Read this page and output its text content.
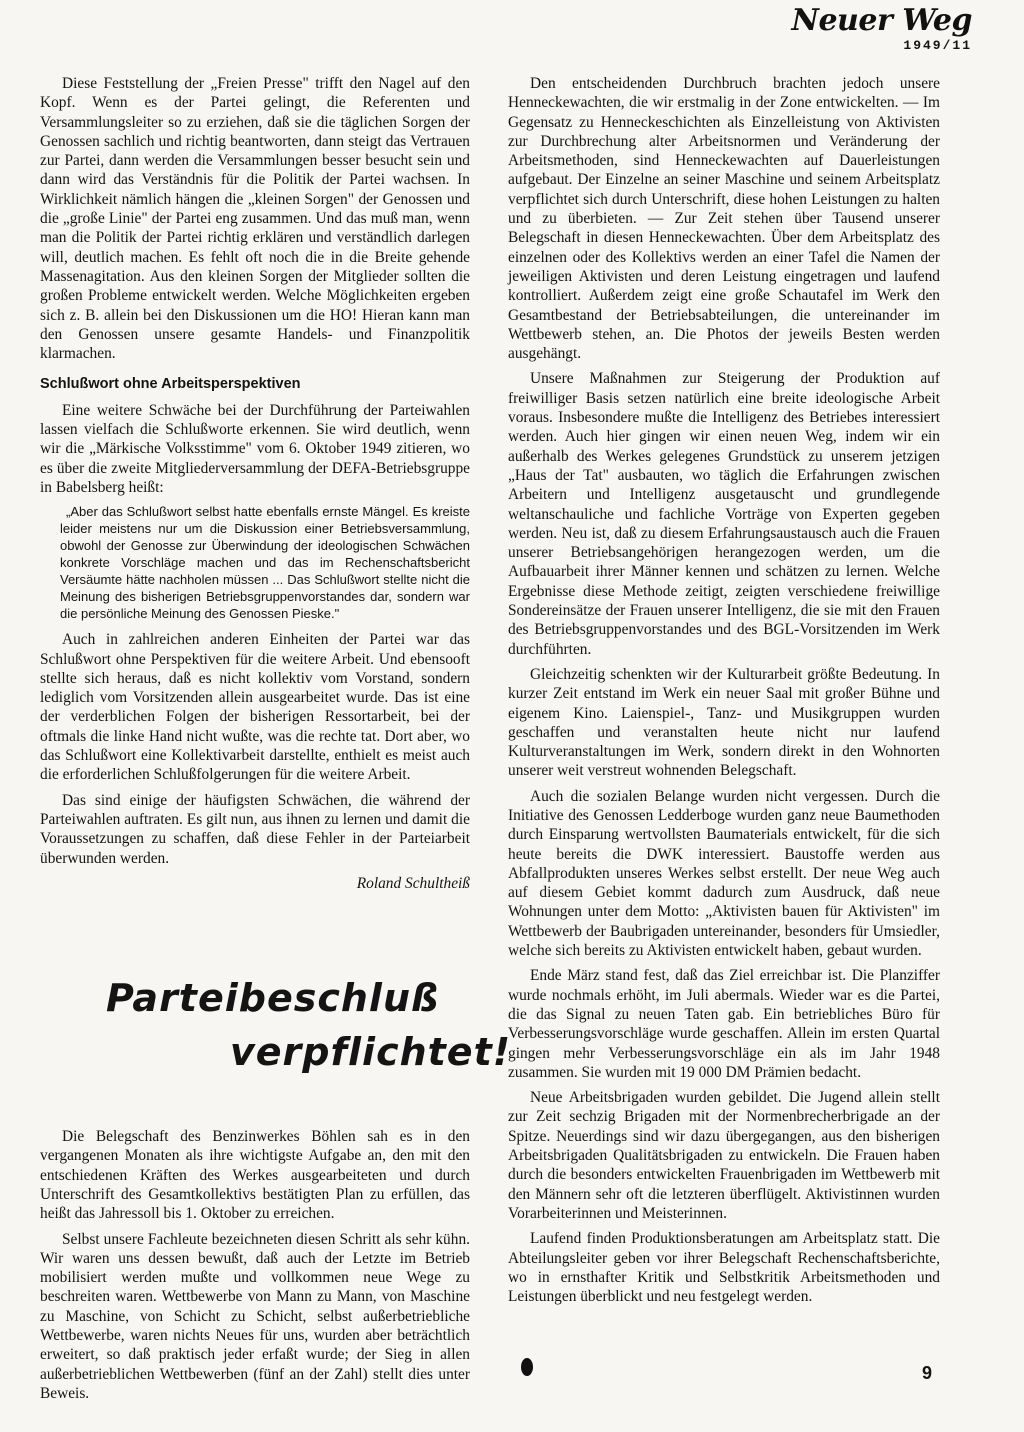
Neuer Weg
1949/11

Diese Feststellung der „Freien Presse" trifft den Nagel auf den Kopf. Wenn es der Partei gelingt, die Referenten und Versammlungsleiter so zu erziehen, daß sie die täglichen Sorgen der Genossen sachlich und richtig beantworten, dann steigt das Vertrauen zur Partei, dann werden die Versammlungen besser besucht sein und dann wird das Verständnis für die Politik der Partei wachsen. In Wirklichkeit nämlich hängen die „kleinen Sorgen" der Genossen und die „große Linie" der Partei eng zusammen. Und das muß man, wenn man die Politik der Partei richtig erklären und verständlich darlegen will, deutlich machen. Es fehlt oft noch die in die Breite gehende Massenagitation. Aus den kleinen Sorgen der Mitglieder sollten die großen Probleme entwickelt werden. Welche Möglichkeiten ergeben sich z. B. allein bei den Diskussionen um die HO! Hieran kann man den Genossen unsere gesamte Handels- und Finanzpolitik klarmachen.

Schlußwort ohne Arbeitsperspektiven

Eine weitere Schwäche bei der Durchführung der Parteiwahlen lassen vielfach die Schlußworte erkennen. Sie wird deutlich, wenn wir die „Märkische Volksstimme" vom 6. Oktober 1949 zitieren, wo es über die zweite Mitgliederversammlung der DEFA-Betriebsgruppe in Babelsberg heißt:

„Aber das Schlußwort selbst hatte ebenfalls ernste Mängel. Es kreiste leider meistens nur um die Diskussion einer Betriebsversammlung, obwohl der Genosse zur Überwindung der ideologischen Schwächen konkrete Vorschläge machen und das im Rechenschaftsbericht Versäumte hätte nachholen müssen ... Das Schlußwort stellte nicht die Meinung des bisherigen Betriebsgruppenvorstandes dar, sondern war die persönliche Meinung des Genossen Pieske."

Auch in zahlreichen anderen Einheiten der Partei war das Schlußwort ohne Perspektiven für die weitere Arbeit. Und ebensooft stellte sich heraus, daß es nicht kollektiv vom Vorstand, sondern lediglich vom Vorsitzenden allein ausgearbeitet wurde. Das ist eine der verderblichen Folgen der bisherigen Ressortarbeit, bei der oftmals die linke Hand nicht wußte, was die rechte tat. Dort aber, wo das Schlußwort eine Kollektivarbeit darstellte, enthielt es meist auch die erforderlichen Schlußfolgerungen für die weitere Arbeit.

Das sind einige der häufigsten Schwächen, die während der Parteiwahlen auftraten. Es gilt nun, aus ihnen zu lernen und damit die Voraussetzungen zu schaffen, daß diese Fehler in der Parteiarbeit überwunden werden.

Roland Schultheiß
Parteibeschluß
verpflichtet!

Die Belegschaft des Benzinwerkes Böhlen sah es in den vergangenen Monaten als ihre wichtigste Aufgabe an, den mit den entschiedenen Kräften des Werkes ausgearbeiteten und durch Unterschrift des Gesamtkollektivs bestätigten Plan zu erfüllen, das heißt das Jahressoll bis 1. Oktober zu erreichen.

Selbst unsere Fachleute bezeichneten diesen Schritt als sehr kühn. Wir waren uns dessen bewußt, daß auch der Letzte im Betrieb mobilisiert werden mußte und vollkommen neue Wege zu beschreiten waren. Wettbewerbe von Mann zu Mann, von Maschine zu Maschine, von Schicht zu Schicht, selbst außerbetriebliche Wettbewerbe, waren nichts Neues für uns, wurden aber beträchtlich erweitert, so daß praktisch jeder erfaßt wurde; der Sieg in allen außerbetrieblichen Wettbewerben (fünf an der Zahl) stellt dies unter Beweis.

Den entscheidenden Durchbruch brachten jedoch unsere Henneckewachten, die wir erstmalig in der Zone entwickelten. — Im Gegensatz zu Henneckeschichten als Einzelleistung von Aktivisten zur Durchbrechung alter Arbeitsnormen und Veränderung der Arbeitsmethoden, sind Henneckewachten auf Dauerleistungen aufgebaut. Der Einzelne an seiner Maschine und seinem Arbeitsplatz verpflichtet sich durch Unterschrift, diese hohen Leistungen zu halten und zu überbieten. — Zur Zeit stehen über Tausend unserer Belegschaft in diesen Henneckewachten. Über dem Arbeitsplatz des einzelnen oder des Kollektivs werden an einer Tafel die Namen der jeweiligen Aktivisten und deren Leistung eingetragen und laufend kontrolliert. Außerdem zeigt eine große Schautafel im Werk den Gesamtbestand der Betriebsabteilungen, die untereinander im Wettbewerb stehen, an. Die Photos der jeweils Besten werden ausgehängt.

Unsere Maßnahmen zur Steigerung der Produktion auf freiwilliger Basis setzen natürlich eine breite ideologische Arbeit voraus. Insbesondere mußte die Intelligenz des Betriebes interessiert werden. Auch hier gingen wir einen neuen Weg, indem wir ein außerhalb des Werkes gelegenes Grundstück zu unserem jetzigen „Haus der Tat" ausbauten, wo täglich die Erfahrungen zwischen Arbeitern und Intelligenz ausgetauscht und grundlegende weltanschauliche und fachliche Vorträge von Experten gegeben werden. Neu ist, daß zu diesem Erfahrungsaustausch auch die Frauen unserer Betriebsangehörigen herangezogen werden, um die Aufbauarbeit ihrer Männer kennen und schätzen zu lernen. Welche Ergebnisse diese Methode zeitigt, zeigten verschiedene freiwillige Sondereinsätze der Frauen unserer Intelligenz, die sie mit den Frauen des Betriebsgruppenvorstandes und des BGL-Vorsitzenden im Werk durchführten.

Gleichzeitig schenkten wir der Kulturarbeit größte Bedeutung. In kurzer Zeit entstand im Werk ein neuer Saal mit großer Bühne und eigenem Kino. Laienspiel-, Tanz- und Musikgruppen wurden geschaffen und veranstalten heute nicht nur laufend Kulturveranstaltungen im Werk, sondern direkt in den Wohnorten unserer weit verstreut wohnenden Belegschaft.

Auch die sozialen Belange wurden nicht vergessen. Durch die Initiative des Genossen Ledderboge wurden ganz neue Baumethoden durch Einsparung wertvollsten Baumaterials entwickelt, für die sich heute bereits die DWK interessiert. Baustoffe werden aus Abfallprodukten unseres Werkes selbst erstellt. Der neue Weg auch auf diesem Gebiet kommt dadurch zum Ausdruck, daß neue Wohnungen unter dem Motto: „Aktivisten bauen für Aktivisten" im Wettbewerb der Baubrigaden untereinander, besonders für Umsiedler, welche sich bereits zu Aktivisten entwickelt haben, gebaut wurden.

Ende März stand fest, daß das Ziel erreichbar ist. Die Planziffer wurde nochmals erhöht, im Juli abermals. Wieder war es die Partei, die das Signal zu neuen Taten gab. Ein betriebliches Büro für Verbesserungsvorschläge wurde geschaffen. Allein im ersten Quartal gingen mehr Verbesserungsvorschläge ein als im Jahr 1948 zusammen. Sie wurden mit 19 000 DM Prämien bedacht.

Neue Arbeitsbrigaden wurden gebildet. Die Jugend allein stellt zur Zeit sechzig Brigaden mit der Normenbrecherbrigade an der Spitze. Neuerdings sind wir dazu übergegangen, aus den bisherigen Arbeitsbrigaden Qualitätsbrigaden zu entwickeln. Die Frauen haben durch die besonders entwickelten Frauenbrigaden im Wettbewerb mit den Männern sehr oft die letzteren überflügelt. Aktivistinnen wurden Vorarbeiterinnen und Meisterinnen.

Laufend finden Produktionsberatungen am Arbeitsplatz statt. Die Abteilungsleiter geben vor ihrer Belegschaft Rechenschaftsberichte, wo in ernsthafter Kritik und Selbstkritik Arbeitsmethoden und Leistungen überblickt und neu festgelegt werden.

9
